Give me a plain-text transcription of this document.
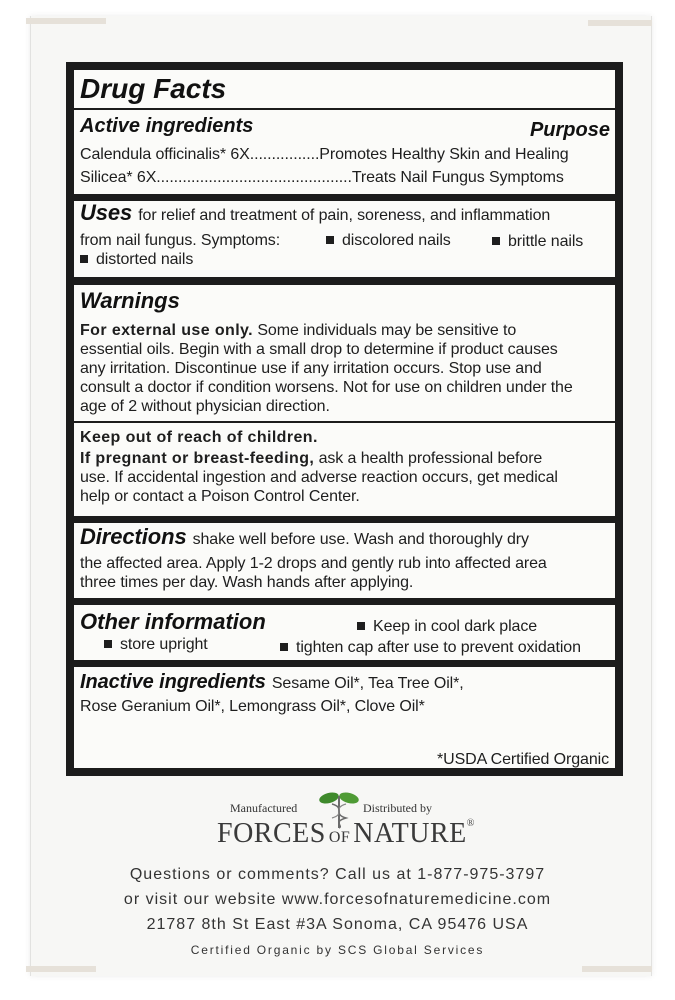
Drug Facts
Active ingredients	Purpose
Calendula officinalis* 6X................Promotes Healthy Skin and Healing
Silicea* 6X.............................................Treats Nail Fungus Symptoms
Uses for relief and treatment of pain, soreness, and inflammation
from nail fungus. Symptoms:	discolored nails	brittle nails
distorted nails
Warnings
For external use only. Some individuals may be sensitive to
essential oils. Begin with a small drop to determine if product causes
any irritation. Discontinue use if any irritation occurs. Stop use and
consult a doctor if condition worsens. Not for use on children under the
age of 2 without physician direction.
Keep out of reach of children.
If pregnant or breast-feeding, ask a health professional before
use. If accidental ingestion and adverse reaction occurs, get medical
help or contact a Poison Control Center.
Directions shake well before use. Wash and thoroughly dry
the affected area. Apply 1-2 drops and gently rub into affected area
three times per day. Wash hands after applying.
Other information	Keep in cool dark place
store upright	tighten cap after use to prevent oxidation
Inactive ingredients Sesame Oil*, Tea Tree Oil*,
Rose Geranium Oil*, Lemongrass Oil*, Clove Oil*
*USDA Certified Organic
Manufactured	Distributed by
FORCES OF NATURE®
Questions or comments? Call us at 1-877-975-3797
or visit our website www.forcesofnaturemedicine.com
21787 8th St East #3A Sonoma, CA 95476 USA
Certified Organic by SCS Global Services
